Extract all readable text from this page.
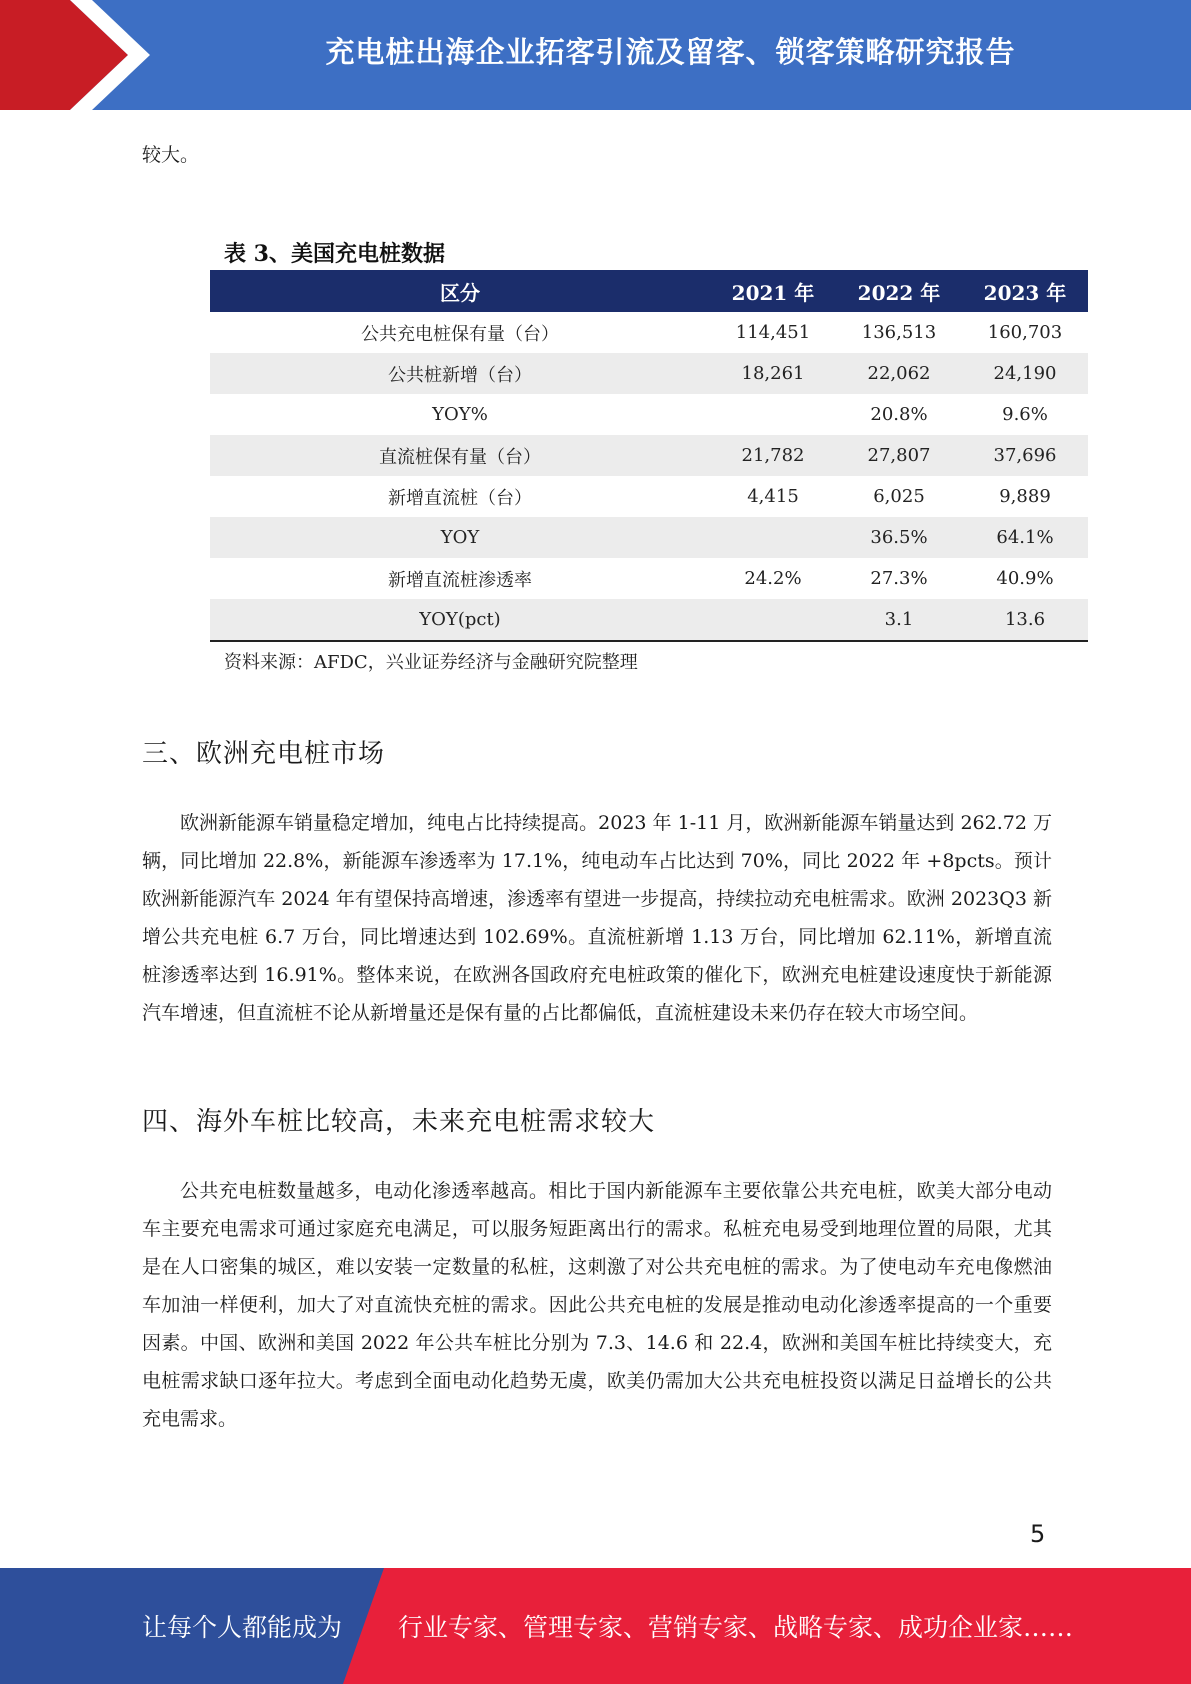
充电桩出海企业拓客引流及留客、锁客策略研究报告
较大。
表 3、美国充电桩数据
区分	2021 年	2022 年	2023 年
公共充电桩保有量（台）	114,451	136,513	160,703
公共桩新增（台）	18,261	22,062	24,190
YOY%		20.8%	9.6%
直流桩保有量（台）	21,782	27,807	37,696
新增直流桩（台）	4,415	6,025	9,889
YOY		36.5%	64.1%
新增直流桩渗透率	24.2%	27.3%	40.9%
YOY(pct)		3.1	13.6
资料来源：AFDC，兴业证券经济与金融研究院整理
三、欧洲充电桩市场

欧洲新能源车销量稳定增加，纯电占比持续提高。2023 年 1-11 月，欧洲新能源车销量达到 262.72 万辆，同比增加 22.8%，新能源车渗透率为 17.1%，纯电动车占比达到 70%，同比 2022 年 +8pcts。预计欧洲新能源汽车 2024 年有望保持高增速，渗透率有望进一步提高，持续拉动充电桩需求。欧洲 2023Q3 新增公共充电桩 6.7 万台，同比增速达到 102.69%。直流桩新增 1.13 万台，同比增加 62.11%，新增直流桩渗透率达到 16.91%。整体来说，在欧洲各国政府充电桩政策的催化下，欧洲充电桩建设速度快于新能源汽车增速，但直流桩不论从新增量还是保有量的占比都偏低，直流桩建设未来仍存在较大市场空间。

四、海外车桩比较高，未来充电桩需求较大

公共充电桩数量越多，电动化渗透率越高。相比于国内新能源车主要依靠公共充电桩，欧美大部分电动车主要充电需求可通过家庭充电满足，可以服务短距离出行的需求。私桩充电易受到地理位置的局限，尤其是在人口密集的城区，难以安装一定数量的私桩，这刺激了对公共充电桩的需求。为了使电动车充电像燃油车加油一样便利，加大了对直流快充桩的需求。因此公共充电桩的发展是推动电动化渗透率提高的一个重要因素。中国、欧洲和美国 2022 年公共车桩比分别为 7.3、14.6 和 22.4，欧洲和美国车桩比持续变大，充电桩需求缺口逐年拉大。考虑到全面电动化趋势无虞，欧美仍需加大公共充电桩投资以满足日益增长的公共充电需求。

5
让每个人都能成为 行业专家、管理专家、营销专家、战略专家、成功企业家……
